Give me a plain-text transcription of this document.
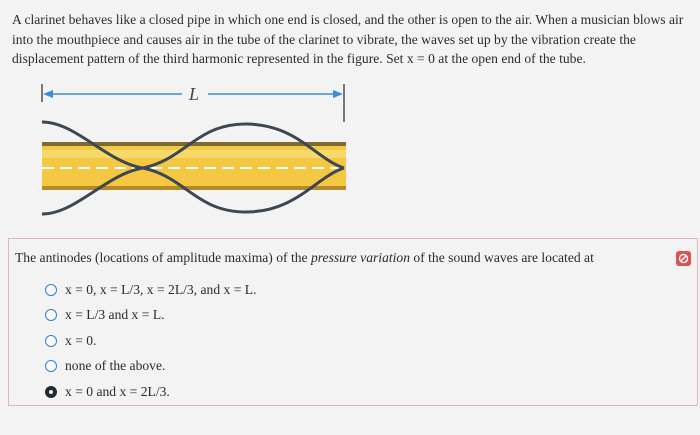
A clarinet behaves like a closed pipe in which one end is closed, and the other is open to the air. When a musician blows air into the mouthpiece and causes air in the tube of the clarinet to vibrate, the waves set up by the vibration create the displacement pattern of the third harmonic represented in the figure. Set x = 0 at the open end of the tube.

L

The antinodes (locations of amplitude maxima) of the pressure variation of the sound waves are located at

x = 0, x = L/3, x = 2L/3, and x = L.
x = L/3 and x = L.
x = 0.
none of the above.
x = 0 and x = 2L/3.
